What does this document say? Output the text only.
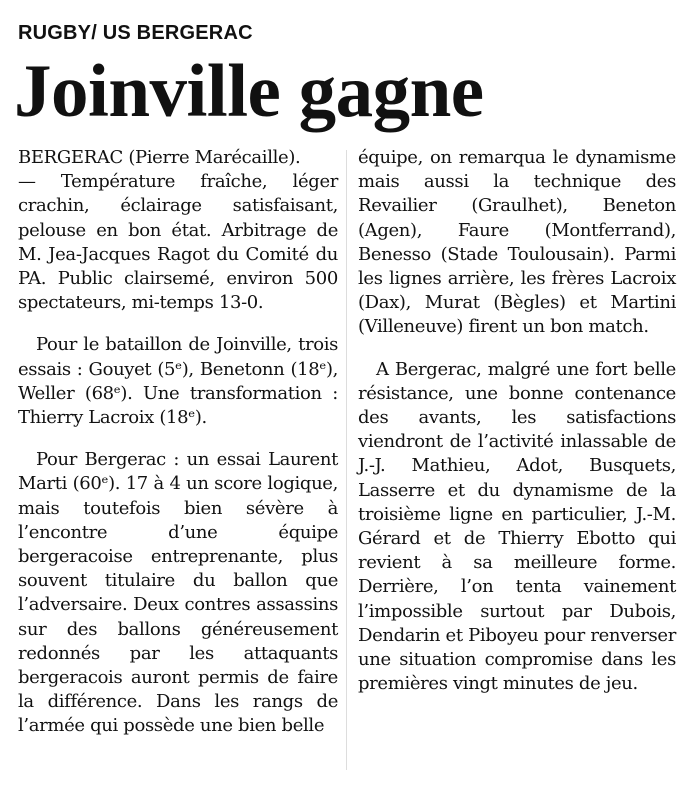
RUGBY/ US BERGERAC
Joinville gagne

BERGERAC (Pierre Marécaille).
— Température fraîche, léger crachin, éclairage satisfaisant, pelouse en bon état. Arbitrage de M. Jea-Jacques Ragot du Comité du PA. Public clairsemé, environ 500 spectateurs, mi-temps 13-0.

Pour le bataillon de Joinville, trois essais : Gouyet (5ᵉ), Benetonn (18ᵉ), Weller (68ᵉ). Une transformation : Thierry Lacroix (18ᵉ).

Pour Bergerac : un essai Laurent Marti (60ᵉ). 17 à 4 un score logique, mais toutefois bien sévère à l’encontre d’une équipe bergeracoise entreprenante, plus souvent titulaire du ballon que l’adversaire. Deux contres assassins sur des ballons généreusement redonnés par les attaquants bergeracois auront permis de faire la différence. Dans les rangs de l’armée qui possède une bien belle

équipe, on remarqua le dynamisme mais aussi la technique des Revailier (Graulhet), Beneton (Agen), Faure (Montferrand), Benesso (Stade Toulousain). Parmi les lignes arrière, les frères Lacroix (Dax), Murat (Bègles) et Martini (Villeneuve) firent un bon match.

A Bergerac, malgré une fort belle résistance, une bonne contenance des avants, les satisfactions viendront de l’activité inlassable de J.-J. Mathieu, Adot, Busquets, Lasserre et du dynamisme de la troisième ligne en particulier, J.-M. Gérard et de Thierry Ebotto qui revient à sa meilleure forme. Derrière, l’on tenta vainement l’impossible surtout par Dubois, Dendarin et Piboyeu pour renverser une situation compromise dans les premières vingt minutes de jeu.
